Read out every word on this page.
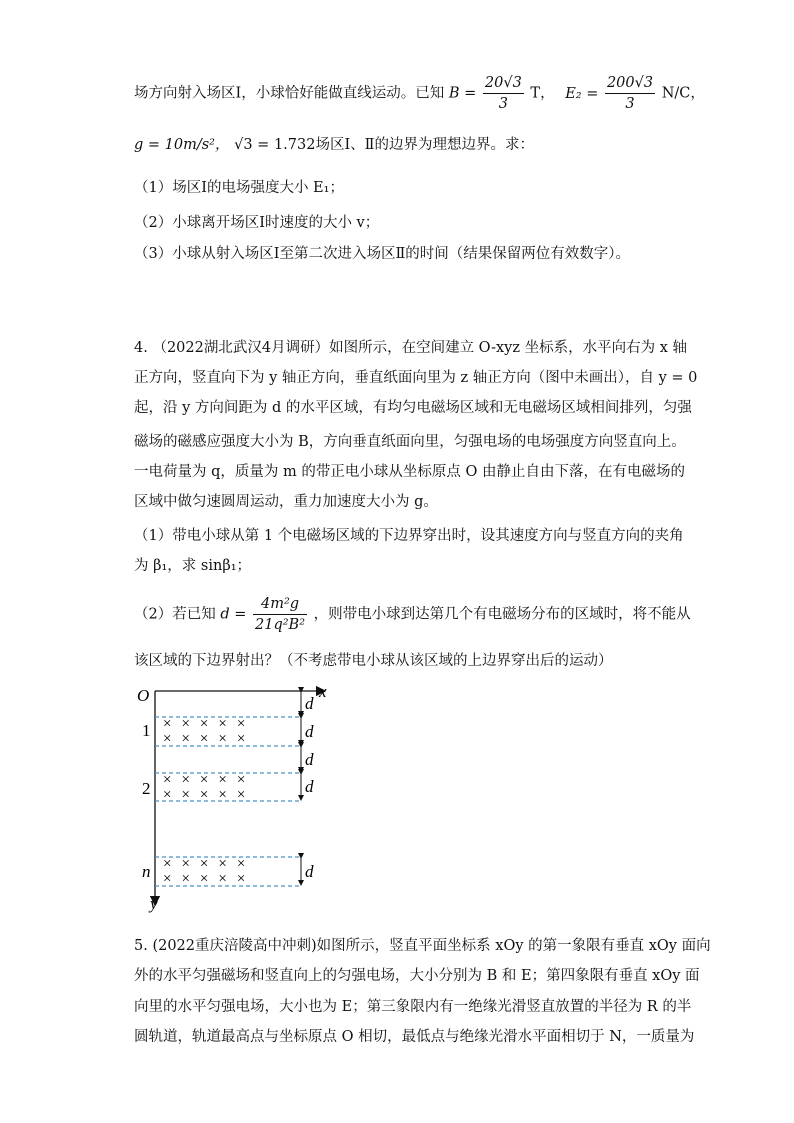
场方向射入场区Ⅰ，小球恰好能做直线运动。已知 $B = \frac{20√3}{3}$ T， $E_2 = \frac{200√3}{3} N/C$，
g = 10m/s²， √3 = 1.732场区Ⅰ、Ⅱ的边界为理想边界。求：
（1）场区Ⅰ的电场强度大小 E₁；
（2）小球离开场区Ⅰ时速度的大小 v；
（3）小球从射入场区Ⅰ至第二次进入场区Ⅱ的时间（结果保留两位有效数字）。
4. （2022湖北武汉4月调研）如图所示，在空间建立 O-xyz 坐标系，水平向右为 x 轴
正方向，竖直向下为 y 轴正方向，垂直纸面向里为 z 轴正方向（图中未画出），自 y = 0
起，沿 y 方向间距为 d 的水平区域，有均匀电磁场区域和无电磁场区域相间排列，匀强
磁场的磁感应强度大小为 B，方向垂直纸面向里，匀强电场的电场强度方向竖直向上。
一电荷量为 q，质量为 m 的带正电小球从坐标原点 O 由静止自由下落，在有电磁场的
区域中做匀速圆周运动，重力加速度大小为 g。
（1）带电小球从第 1 个电磁场区域的下边界穿出时，设其速度方向与竖直方向的夹角
为 β₁，求 sinβ₁；
（2）若已知 $d = \frac{\text{4m²g}}{\text{21q²B²}}$ ，则带电小球到达第几个有电磁场分布的区域时，将不能从
该区域的下边界射出？（不考虑带电小球从该区域的上边界穿出后的运动）
O	x
y
×××××
×××××
1
×××××
×××××
2
×××××
×××××
n
d
d
d
d
d
5. (2022重庆涪陵高中冲刺)如图所示，竖直平面坐标系 xOy 的第一象限有垂直 xOy 面向
外的水平匀强磁场和竖直向上的匀强电场，大小分别为 B 和 E；第四象限有垂直 xOy 面
向里的水平匀强电场，大小也为 E；第三象限内有一绝缘光滑竖直放置的半径为 R 的半
圆轨道，轨道最高点与坐标原点 O 相切，最低点与绝缘光滑水平面相切于 N，一质量为
